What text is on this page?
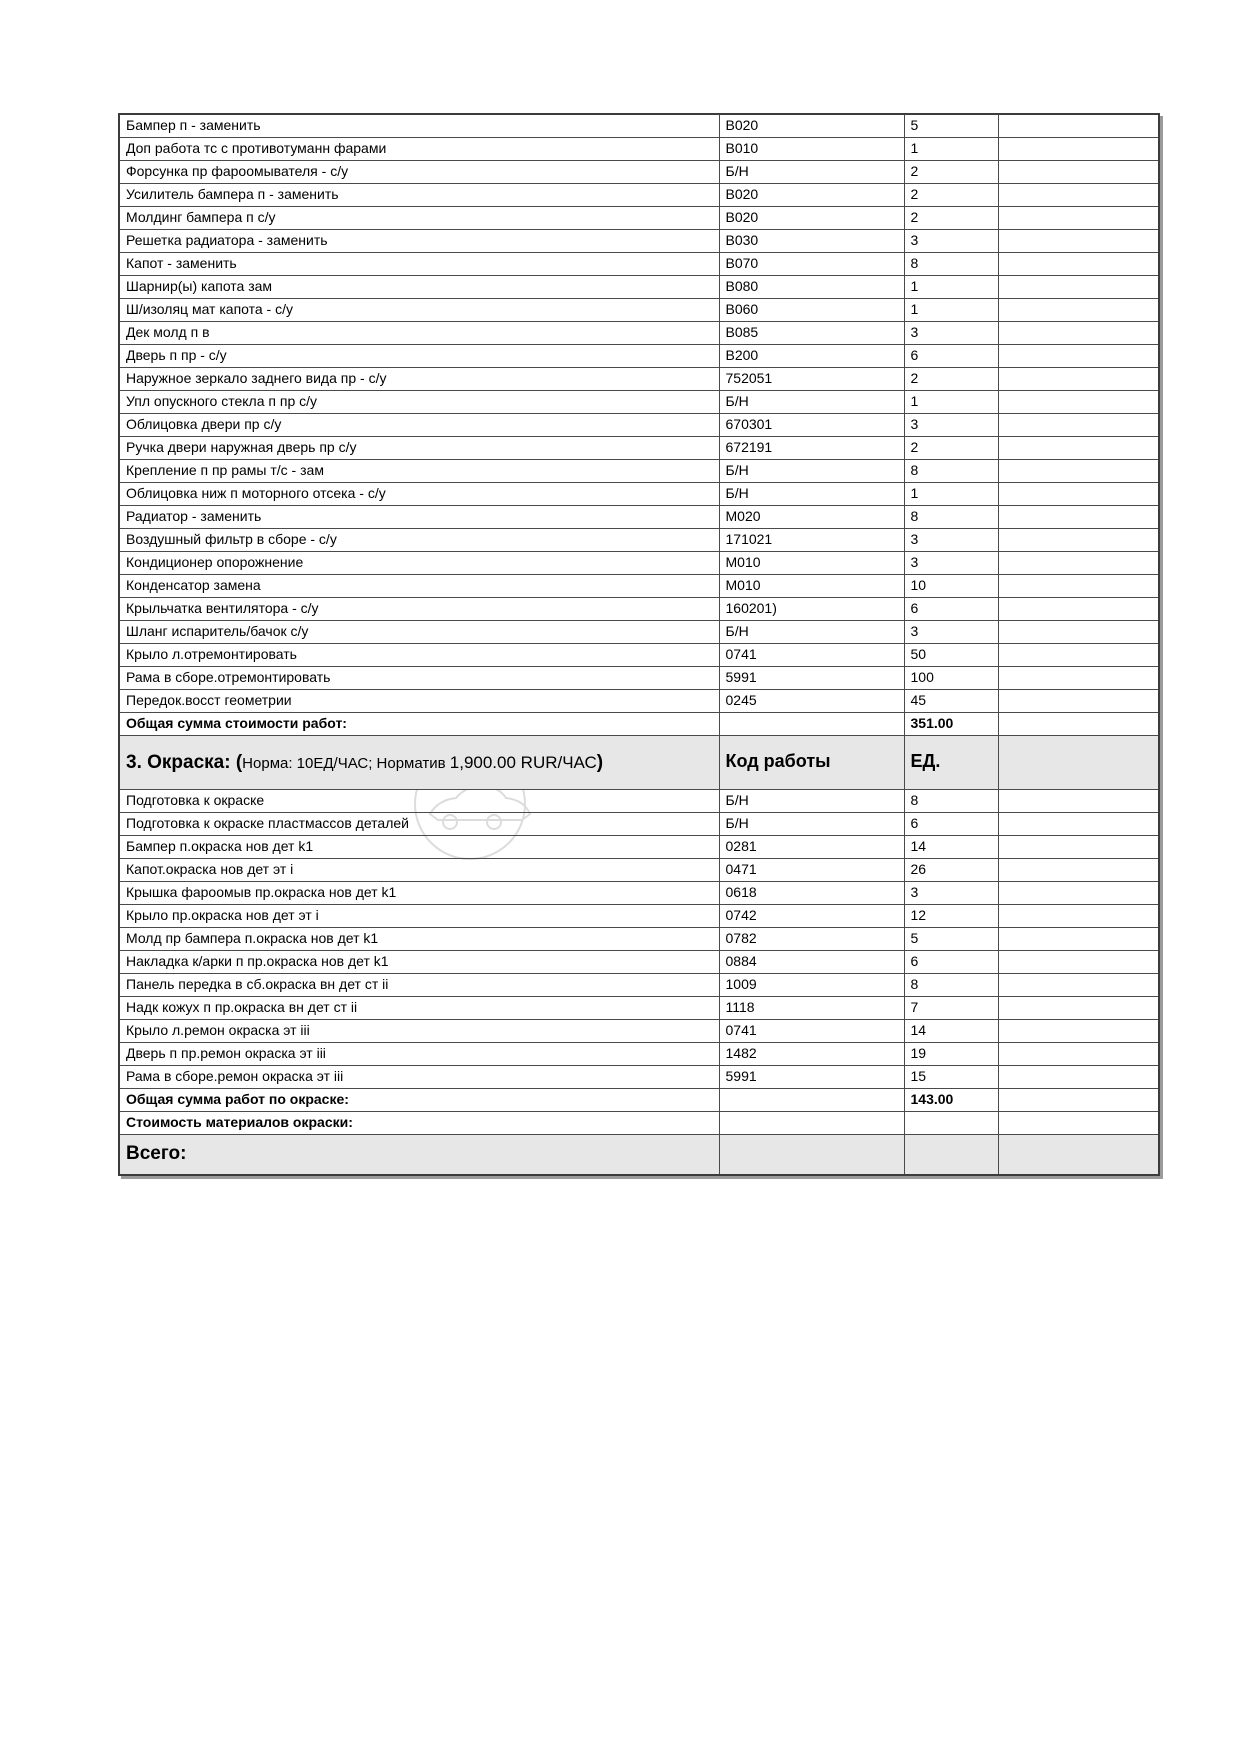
Бампер п - заменить	B020	5	
Доп работа тс с противотуманн фарами	B010	1	
Форсунка пр фароомывателя - с/у	Б/Н	2	
Усилитель бампера п - заменить	B020	2	
Молдинг бампера п с/у	B020	2	
Решетка радиатора - заменить	B030	3	
Капот - заменить	B070	8	
Шарнир(ы) капота зам	B080	1	
Ш/изоляц мат капота - с/у	B060	1	
Дек молд п в	B085	3	
Дверь п пр - с/у	B200	6	
Наружное зеркало заднего вида пр - с/у	752051	2	
Упл опускного стекла п пр с/у	Б/Н	1	
Облицовка двери пр с/у	670301	3	
Ручка двери наружная дверь пр с/у	672191	2	
Крепление п пр рамы т/с - зам	Б/Н	8	
Облицовка ниж п моторного отсека - с/у	Б/Н	1	
Радиатор - заменить	M020	8	
Воздушный фильтр в сборе - с/у	171021	3	
Кондиционер опорожнение	M010	3	
Конденсатор замена	M010	10	
Крыльчатка вентилятора - с/у	160201)	6	
Шланг испаритель/бачок с/у	Б/Н	3	
Крыло л.отремонтировать	0741	50	
Рама в сборе.отремонтировать	5991	100	
Передок.восст геометрии	0245	45	
Общая сумма стоимости работ:		351.00	
3. Окраска: (Норма: 10ЕД/ЧАС; Норматив 1,900.00 RUR/ЧАС)	Код работы	ЕД.	
Подготовка к окраске	Б/Н	8	
Подготовка к окраске пластмассов деталей	Б/Н	6	
Бампер п.окраска нов дет k1	0281	14	
Капот.окраска нов дет эт i	0471	26	
Крышка фароомыв пр.окраска нов дет k1	0618	3	
Крыло пр.окраска нов дет эт i	0742	12	
Молд пр бампера п.окраска нов дет k1	0782	5	
Накладка к/арки п пр.окраска нов дет k1	0884	6	
Панель передка в сб.окраска вн дет ст ii	1009	8	
Надк кожух п пр.окраска вн дет ст ii	1118	7	
Крыло л.ремон окраска эт iii	0741	14	
Дверь п пр.ремон окраска эт iii	1482	19	
Рама в сборе.ремон окраска эт iii	5991	15	
Общая сумма работ по окраске:		143.00	
Стоимость материалов окраски:			
Всего:			
